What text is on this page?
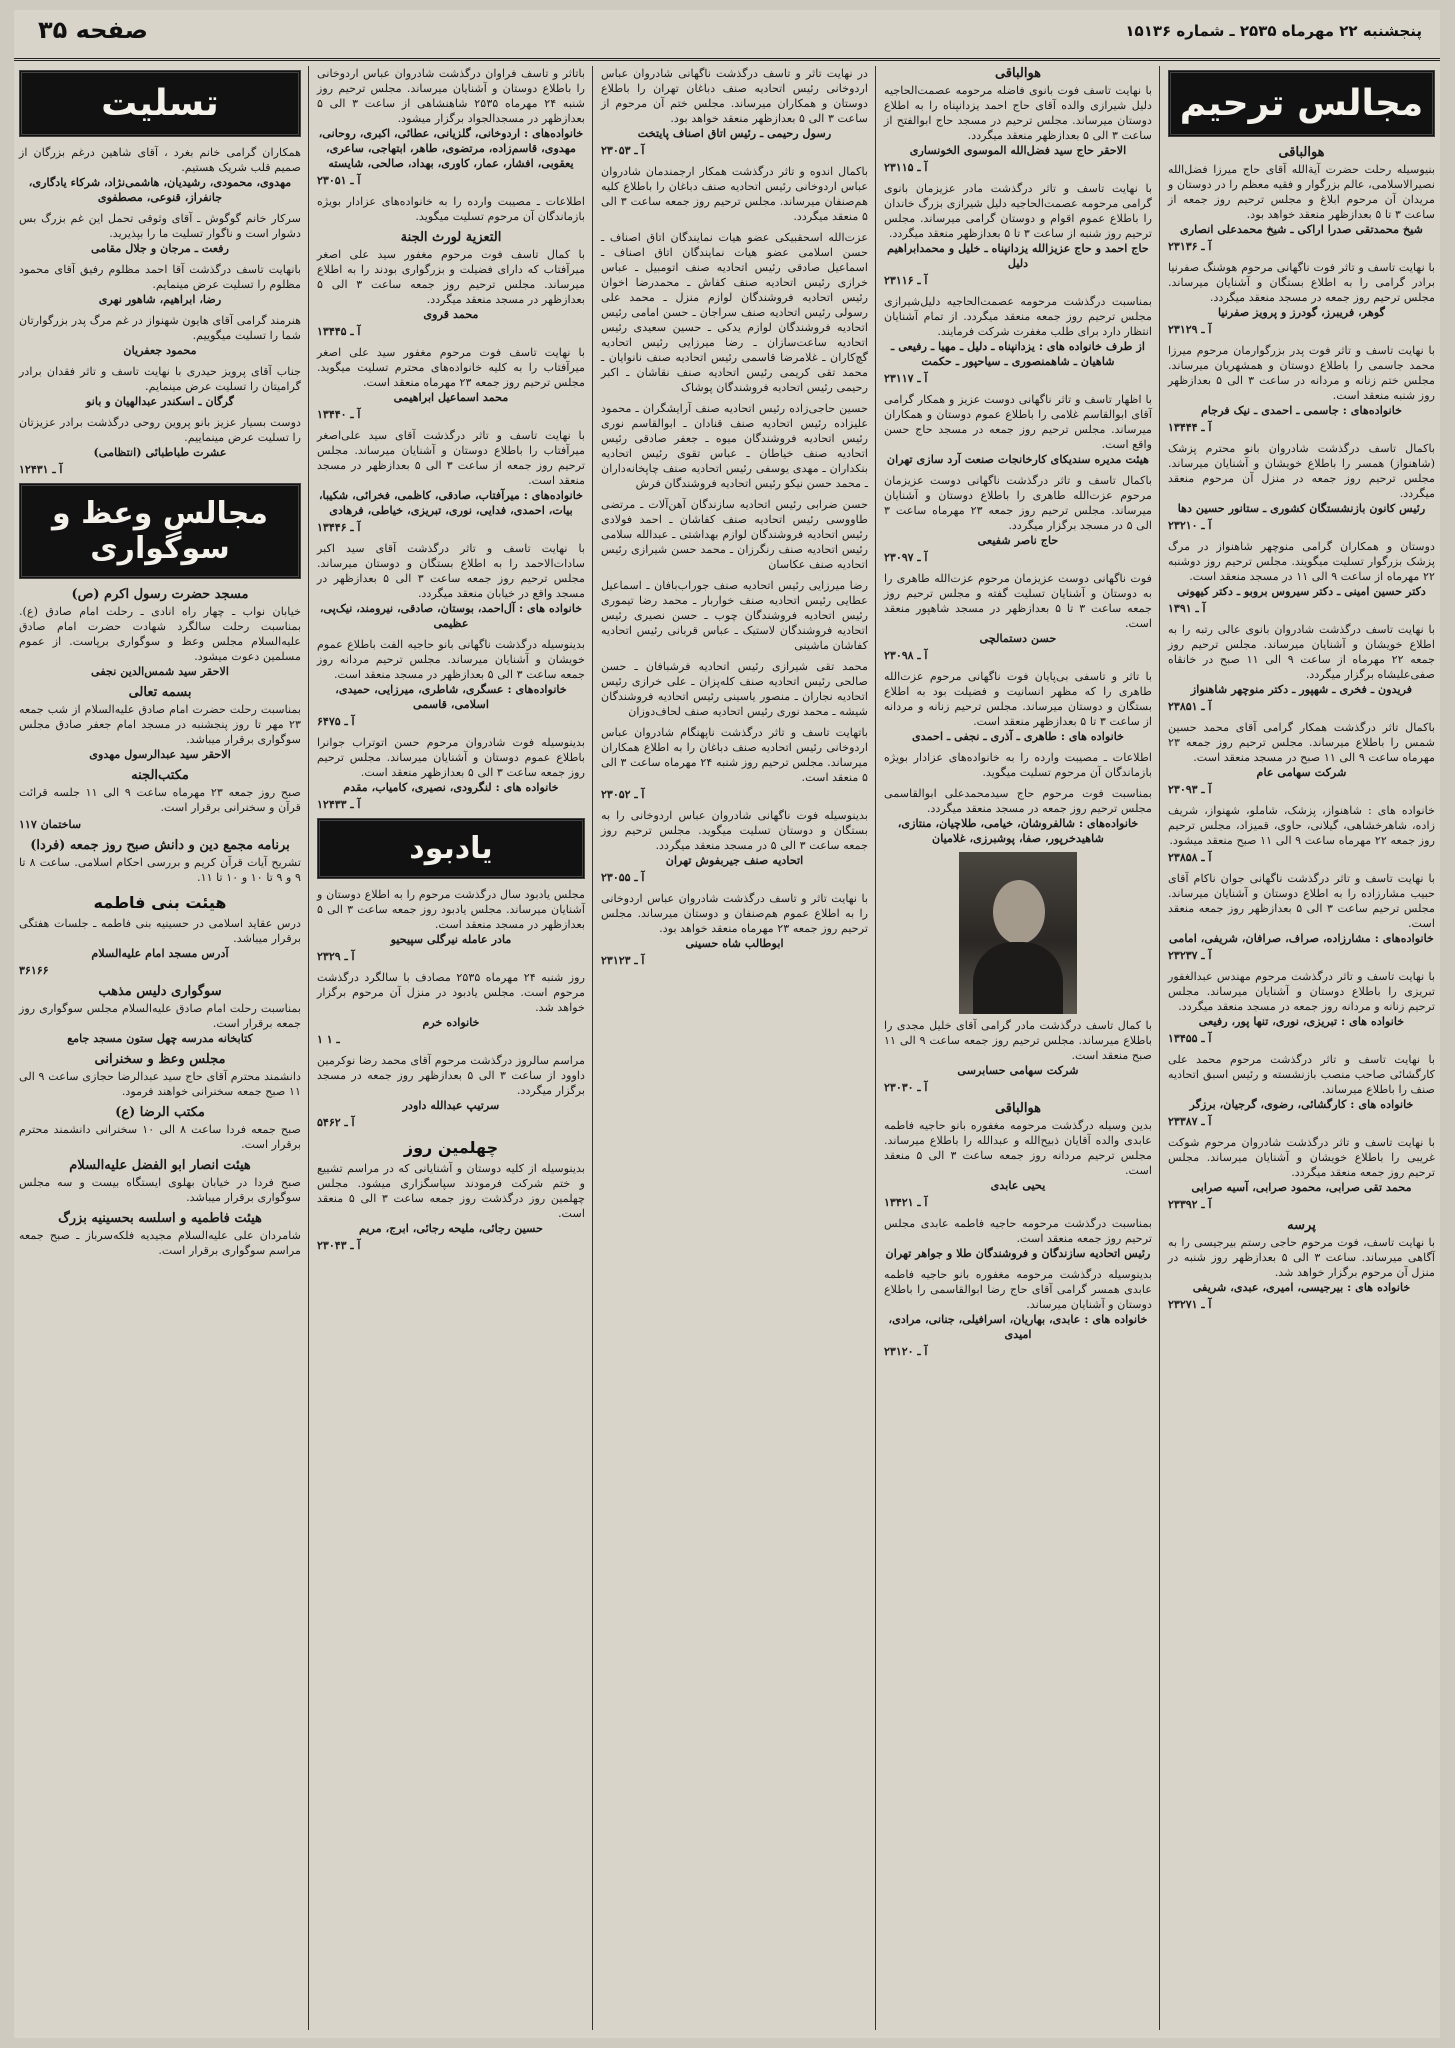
پنجشنبه ۲۲ مهرماه ۲۵۳۵ ـ شماره ۱۵۱۳۶
صفحه ۳۵
مجالس ترحیم
هوالباقی
بنیوسیله رحلت حضرت آیةالله آقای حاج میرزا فضل‌الله نصیرالاسلامی، عالم بزرگوار و فقیه معظم را در دوستان و مریدان آن مرحوم ابلاغ و مجلس ترحیم روز جمعه از ساعت ۳ تا ۵ بعدازظهر منعقد خواهد بود.
شیخ محمدتقی صدرا اراکی ـ شیخ محمدعلی انصاری
آ ـ ۲۳۱۳۶
با نهایت تاسف و تاثر فوت ناگهانی مرحوم هوشنگ صفرنیا برادر گرامی را به اطلاع بستگان و آشنایان میرساند. مجلس ترحیم روز جمعه در مسجد منعقد میگردد.
گوهر، فریبرز، گودرز و پرویز صفرنیا
آ ـ ۲۳۱۲۹
با نهایت تاسف و تاثر فوت پدر بزرگوارمان مرحوم میرزا محمد جاسمی را باطلاع دوستان و همشهریان میرساند. مجلس ختم زنانه و مردانه در ساعت ۳ الی ۵ بعدازظهر روز شنبه منعقد است.
خانواده‌های : جاسمی ـ احمدی ـ نیک فرجام
آ ـ ۱۳۴۴۴
باکمال تاسف درگذشت شادروان بانو محترم پزشک (شاهنواز) همسر را باطلاع خویشان و آشنایان میرساند. مجلس ترحیم روز جمعه در منزل آن مرحوم منعقد میگردد.
رئیس کانون بازنشستگان کشوری ـ ستانور حسین دها
آ ـ ۲۳۲۱۰
دوستان و همکاران گرامی منوچهر شاهنواز در مرگ پزشک بزرگوار تسلیت میگویند. مجلس ترحیم روز دوشنبه ۲۲ مهرماه از ساعت ۹ الی ۱۱ در مسجد منعقد است.
دکتر حسین امینی ـ دکتر سیروس بروبو ـ دکتر کیهونی
آ ـ ۱۳۹۱
با نهایت تاسف درگذشت شادروان بانوی عالی رتبه را به اطلاع خویشان و آشنایان میرساند. مجلس ترحیم روز جمعه ۲۲ مهرماه از ساعت ۹ الی ۱۱ صبح در خانقاه صفی‌علیشاه برگزار میگردد.
فریدون ـ فخری ـ شهپور ـ دکتر منوچهر شاهنواز
آ ـ ۲۳۸۵۱
باکمال تاثر درگذشت همکار گرامی آقای محمد حسین شمس را باطلاع میرساند. مجلس ترحیم روز جمعه ۲۳ مهرماه ساعت ۹ الی ۱۱ صبح در مسجد منعقد است.
شرکت سهامی عام
آ ـ ۲۳۰۹۳
خانواده های : شاهنواز، پزشک، شاملو، شهنواز، شریف زاده، شاهرخشاهی، گیلانی، حاوی، قمیزاد، مجلس ترحیم روز جمعه ۲۲ مهرماه ساعت ۹ الی ۱۱ صبح منعقد میشود.
آ ـ ۲۳۸۵۸
با نهایت تاسف و تاثر درگذشت ناگهانی جوان ناکام آقای حبیب مشارزاده را به اطلاع دوستان و آشنایان میرساند. مجلس ترحیم ساعت ۳ الی ۵ بعدازظهر روز جمعه منعقد است.
خانواده‌های : مشارزاده، صراف، صرافان، شریفی، امامی
آ ـ ۲۳۲۳۷
با نهایت تاسف و تاثر درگذشت مرحوم مهندس عبدالغفور تبریزی را باطلاع دوستان و آشنایان میرساند. مجلس ترحیم زنانه و مردانه روز جمعه در مسجد منعقد میگردد.
خانواده های : تبریزی، نوری، تنها پور، رفیعی
آ ـ ۱۳۴۵۵
با نهایت تاسف و تاثر درگذشت مرحوم محمد علی کارگشائی صاحب منصب بازنشسته و رئیس اسبق اتحادیه صنف را باطلاع میرساند.
خانواده های : کارگشائی، رضوی، گرجیان، برزگر
آ ـ ۲۳۳۸۷
با نهایت تاسف و تاثر درگذشت شادروان مرحوم شوکت غریبی را باطلاع خویشان و آشنایان میرساند. مجلس ترحیم روز جمعه منعقد میگردد.
محمد تقی صرابی، محمود صرابی، آسیه صرابی
آ ـ ۲۳۳۹۲
پرسه
با نهایت تاسف، فوت مرحوم حاجی رستم بیرجیسی را به آگاهی میرساند. ساعت ۳ الی ۵ بعدازظهر روز شنبه در منزل آن مرحوم برگزار خواهد شد.
خانواده های : بیرجیسی، امیری، عبدی، شریفی
آ ـ ۲۳۲۷۱
هوالباقی
با نهایت تاسف فوت بانوی فاضله مرحومه عصمت‌الحاجیه دلیل شیرازی والده آقای حاج احمد یزدانپناه را به اطلاع دوستان میرساند. مجلس ترحیم در مسجد حاج ابوالفتح از ساعت ۳ الی ۵ بعدازظهر منعقد میگردد.
الاحقر حاج سید فضل‌الله الموسوی الخونساری
آ ـ ۲۳۱۱۵
با نهایت تاسف و تاثر درگذشت مادر عزیزمان بانوی گرامی مرحومه عصمت‌الحاجیه دلیل شیرازی بزرگ خاندان را باطلاع عموم اقوام و دوستان گرامی میرساند. مجلس ترحیم روز شنبه از ساعت ۳ تا ۵ بعدازظهر منعقد میگردد.
حاج احمد و حاج عزیزالله یزدانپناه ـ خلیل و محمدابراهیم دلیل
آ ـ ۲۳۱۱۶
بمناسبت درگذشت مرحومه عصمت‌الحاجیه دلیل‌شیرازی مجلس ترحیم روز جمعه منعقد میگردد. از تمام آشنایان انتظار دارد برای طلب مغفرت شرکت فرمایند.
از طرف خانواده های : یزدانپناه ـ دلیل ـ مهیا ـ رفیعی ـ شاهیان ـ شاهمنصوری ـ سیاحپور ـ حکمت
آ ـ ۲۳۱۱۷
با اظهار تاسف و تاثر ناگهانی دوست عزیز و همکار گرامی آقای ابوالقاسم غلامی را باطلاع عموم دوستان و همکاران میرساند. مجلس ترحیم روز جمعه در مسجد حاج حسن واقع است.
هیئت مدیره سندیکای کارخانجات صنعت آرد سازی تهران
باکمال تاسف و تاثر درگذشت ناگهانی دوست عزیزمان مرحوم عزت‌الله طاهری را باطلاع دوستان و آشنایان میرساند. مجلس ترحیم روز جمعه ۲۳ مهرماه ساعت ۳ الی ۵ در مسجد برگزار میگردد.
حاج ناصر شفیعی
آ ـ ۲۳۰۹۷
فوت ناگهانی دوست عزیزمان مرحوم عزت‌الله طاهری را به دوستان و آشنایان تسلیت گفته و مجلس ترحیم روز جمعه ساعت ۳ تا ۵ بعدازظهر در مسجد شاهپور منعقد است.
حسن دستمالچی
آ ـ ۲۳۰۹۸
با تاثر و تاسفی بی‌پایان فوت ناگهانی مرحوم عزت‌الله طاهری را که مظهر انسانیت و فضیلت بود به اطلاع بستگان و دوستان میرساند. مجلس ترحیم زنانه و مردانه از ساعت ۳ تا ۵ بعدازظهر منعقد است.
خانواده های : طاهری ـ آذری ـ نجفی ـ احمدی
اطلاعات ـ مصیبت وارده را به خانواده‌های عزادار بویژه بازماندگان آن مرحوم تسلیت میگوید.
بمناسبت فوت مرحوم حاج سیدمحمدعلی ابوالقاسمی مجلس ترحیم روز جمعه در مسجد منعقد میگردد.
خانواده‌های : شالفروشان، خیامی، طلاچیان، منتازی، شاهیدخرپور، صفا، پوشبرزی، غلامیان
با کمال تاسف درگذشت مادر گرامی آقای خلیل مجدی را باطلاع میرساند. مجلس ترحیم روز جمعه ساعت ۹ الی ۱۱ صبح منعقد است.
شرکت سهامی حسابرسی
آ ـ ۲۳۰۳۰
هوالباقی
بدین وسیله درگذشت مرحومه مغفوره بانو حاجیه فاطمه عابدی والده آقایان ذبیح‌الله و عبدالله را باطلاع میرساند. مجلس ترحیم مردانه روز جمعه ساعت ۳ الی ۵ منعقد است.
یحیی عابدی
آ ـ ۱۳۴۲۱
بمناسبت درگذشت مرحومه حاجیه فاطمه عابدی مجلس ترحیم روز جمعه منعقد است.
رئیس اتحادیه سازندگان و فروشندگان طلا و جواهر تهران
بدینوسیله درگذشت مرحومه مغفوره بانو حاجیه فاطمه عابدی همسر گرامی آقای حاج رضا ابوالقاسمی را باطلاع دوستان و آشنایان میرساند.
خانواده های : عابدی، بهاریان، اسرافیلی، جنانی، مرادی، امیدی
آ ـ ۲۳۱۲۰
در نهایت تاثر و تاسف درگذشت ناگهانی شادروان عباس اردوخانی رئیس اتحادیه صنف دباغان تهران را باطلاع دوستان و همکاران میرساند. مجلس ختم آن مرحوم از ساعت ۳ الی ۵ بعدازظهر منعقد خواهد بود.
رسول رحیمی ـ رئیس اتاق اصناف پایتخت
آ ـ ۲۳۰۵۳
باکمال اندوه و تاثر درگذشت همکار ارجمندمان شادروان عباس اردوخانی رئیس اتحادیه صنف دباغان را باطلاع کلیه هم‌صنفان میرساند. مجلس ترحیم روز جمعه ساعت ۳ الی ۵ منعقد میگردد.
عزت‌الله اسحقبیکی عضو هیات نمایندگان اتاق اصناف ـ حسن اسلامی عضو هیات نمایندگان اتاق اصناف ـ اسماعیل صادقی رئیس اتحادیه صنف اتومبیل ـ عباس خرازی رئیس اتحادیه صنف کفاش ـ محمدرضا اخوان رئیس اتحادیه فروشندگان لوازم منزل ـ محمد علی رسولی رئیس اتحادیه صنف سراجان ـ حسن امامی رئیس اتحادیه فروشندگان لوازم یدکی ـ حسین سعیدی رئیس اتحادیه ساعت‌سازان ـ رضا میرزایی رئیس اتحادیه گچ‌کاران ـ غلامرضا قاسمی رئیس اتحادیه صنف نانوایان ـ محمد تقی کریمی رئیس اتحادیه صنف نقاشان ـ اکبر رحیمی رئیس اتحادیه فروشندگان پوشاک
حسین حاجی‌زاده رئیس اتحادیه صنف آرایشگران ـ محمود علیزاده رئیس اتحادیه صنف قنادان ـ ابوالقاسم نوری رئیس اتحادیه فروشندگان میوه ـ جعفر صادقی رئیس اتحادیه صنف خیاطان ـ عباس تقوی رئیس اتحادیه بنکداران ـ مهدی یوسفی رئیس اتحادیه صنف چاپخانه‌داران ـ محمد حسن نیکو رئیس اتحادیه فروشندگان فرش
حسن ضرابی رئیس اتحادیه سازندگان آهن‌آلات ـ مرتضی طاووسی رئیس اتحادیه صنف کفاشان ـ احمد فولادی رئیس اتحادیه فروشندگان لوازم بهداشتی ـ عبدالله سلامی رئیس اتحادیه صنف رنگرزان ـ محمد حسن شیرازی رئیس اتحادیه صنف عکاسان
رضا میرزایی رئیس اتحادیه صنف جوراب‌بافان ـ اسماعیل عطایی رئیس اتحادیه صنف خواربار ـ محمد رضا تیموری رئیس اتحادیه فروشندگان چوب ـ حسن نصیری رئیس اتحادیه فروشندگان لاستیک ـ عباس قربانی رئیس اتحادیه کفاشان ماشینی
محمد تقی شیرازی رئیس اتحادیه فرشبافان ـ حسن صالحی رئیس اتحادیه صنف کله‌پزان ـ علی خرازی رئیس اتحادیه نجاران ـ منصور یاسینی رئیس اتحادیه فروشندگان شیشه ـ محمد نوری رئیس اتحادیه صنف لحاف‌دوزان
باتهایت تاسف و تاثر درگذشت ناپهنگام شادروان عباس اردوخانی رئیس اتحادیه صنف دباغان را به اطلاع همکاران میرساند. مجلس ترحیم روز شنبه ۲۴ مهرماه ساعت ۳ الی ۵ منعقد است.
آ ـ ۲۳۰۵۲
بدینوسیله فوت ناگهانی شادروان عباس اردوخانی را به بستگان و دوستان تسلیت میگوید. مجلس ترحیم روز جمعه ساعت ۳ الی ۵ در مسجد منعقد میگردد.
اتحادیه صنف جیربفوش تهران
آ ـ ۲۳۰۵۵
با نهایت تاثر و تاسف درگذشت شادروان عباس اردوخانی را به اطلاع عموم هم‌صنفان و دوستان میرساند. مجلس ترحیم روز جمعه ۲۳ مهرماه منعقد خواهد بود.
ابوطالب شاه حسینی
آ ـ ۲۳۱۲۳
باتاثر و تاسف فراوان درگذشت شادروان عباس اردوخانی را باطلاع دوستان و آشنایان میرساند. مجلس ترحیم روز شنبه ۲۴ مهرماه ۲۵۳۵ شاهنشاهی از ساعت ۳ الی ۵ بعدازظهر در مسجدالجواد برگزار میشود.
خانواده‌های : اردوخانی، گلزیانی، عطائی، اکبری، روحانی، مهدوی، قاسم‌زاده، مرتضوی، طاهر، ابتهاجی، ساعری، یعقوبی، افشار، عمار، کاوری، بهداد، صالحی، شایسته
آ ـ ۲۳۰۵۱
اطلاعات ـ مصیبت وارده را به خانواده‌های عزادار بویژه بازماندگان آن مرحوم تسلیت میگوید.
التعزیة لورث الجنة
با کمال تاسف فوت مرحوم مغفور سید علی اصغر میرآفتاب که دارای فضیلت و بزرگواری بودند را به اطلاع میرساند. مجلس ترحیم روز جمعه ساعت ۳ الی ۵ بعدازظهر در مسجد منعقد میگردد.
محمد قروی
آ ـ ۱۳۴۴۵
با نهایت تاسف فوت مرحوم مغفور سید علی اصغر میرآفتاب را به کلیه خانواده‌های محترم تسلیت میگوید. مجلس ترحیم روز جمعه ۲۳ مهرماه منعقد است.
محمد اسماعیل ابراهیمی
آ ـ ۱۳۴۴۰
با نهایت تاسف و تاثر درگذشت آقای سید علی‌اصغر میرآفتاب را باطلاع دوستان و آشنایان میرساند. مجلس ترحیم روز جمعه از ساعت ۳ الی ۵ بعدازظهر در مسجد منعقد است.
خانواده‌های : میرآفتاب، صادقی، کاظمی، فخرائی، شکیبا، بیات، احمدی، فدایی، نوری، تبریزی، خیاطی، فرهادی
آ ـ ۱۳۴۴۶
با نهایت تاسف و تاثر درگذشت آقای سید اکبر سادات‌الاحمد را به اطلاع بستگان و دوستان میرساند. مجلس ترحیم روز جمعه ساعت ۳ الی ۵ بعدازظهر در مسجد واقع در خیابان منعقد میگردد.
خانواده های : آل‌احمد، بوستان، صادقی، نیرومند، نیک‌پی، عظیمی
بدینوسیله درگذشت ناگهانی بانو حاجیه الفت باطلاع عموم خویشان و آشنایان میرساند. مجلس ترحیم مردانه روز جمعه ساعت ۳ الی ۵ بعدازظهر در مسجد منعقد است.
خانواده‌های : عسگری، شاطری، میرزایی، حمیدی، اسلامی، قاسمی
آ ـ ۶۴۷۵
بدینوسیله فوت شادروان مرحوم حسن اتوتراب جوانرا باطلاع عموم دوستان و آشنایان میرساند. مجلس ترحیم روز جمعه ساعت ۳ الی ۵ بعدازظهر منعقد است.
خانواده های : لنگرودی، نصیری، کامیاب، مقدم
آ ـ ۱۲۴۳۳
یادبود
مجلس یادبود سال درگذشت مرحوم را به اطلاع دوستان و آشنایان میرساند. مجلس یادبود روز جمعه ساعت ۳ الی ۵ بعدازظهر در مسجد منعقد است.
مادر عامله نیرگلی سپیحیو
آ ـ ۲۳۲۹
روز شنبه ۲۴ مهرماه ۲۵۳۵ مصادف با سالگرد درگذشت مرحوم است. مجلس یادبود در منزل آن مرحوم برگزار خواهد شد.
خانواده خرم
۱ ـ ۱
مراسم سالروز درگذشت مرحوم آقای محمد رضا نوکرمین داوود از ساعت ۳ الی ۵ بعدازظهر روز جمعه در مسجد برگزار میگردد.
سرتیپ عبدالله داودر
آ ـ ۵۴۶۲
چهلمین روز
بدینوسیله از کلیه دوستان و آشنایانی که در مراسم تشییع و ختم شرکت فرمودند سپاسگزاری میشود. مجلس چهلمین روز درگذشت روز جمعه ساعت ۳ الی ۵ منعقد است.
حسین رجائی، ملیحه رجائی، ابرج، مریم
آ ـ ۲۳۰۴۳
تسلیت
همکاران گرامی خانم بغرد ، آقای شاهین درغم بزرگان از صمیم قلب شریک هستیم.
مهدوی، محمودی، رشیدیان، هاشمی‌نژاد، شرکاء یادگاری، جانفراز، قنوعی، مصطفوی
سرکار خانم گوگوش ـ آقای وثوقی تحمل این غم بزرگ بس دشوار است و ناگوار تسلیت ما را بپذیرید.
رفعت ـ مرجان و جلال مقامی
بانهایت تاسف درگذشت آقا احمد مظلوم رفیق آقای محمود مظلوم را تسلیت عرض مینمایم.
رضا، ابراهیم، شاهور نهری
هنرمند گرامی آقای هایون شهنواز در غم مرگ پدر بزرگوارتان شما را تسلیت میگوییم.
محمود جعفریان
جناب آقای پرویز حیدری با نهایت تاسف و تاثر فقدان برادر گرامیتان را تسلیت عرض مینمایم.
گرگان ـ اسکندر عبدالهیان و بانو
دوست بسیار عزیز بانو پروین روحی درگذشت برادر عزیزتان را تسلیت عرض مینماییم.
عشرت طباطبائی (انتظامی)
آ ـ ۱۲۴۳۱
مجالس وعظ و سوگواری
مسجد حضرت رسول اکرم (ص)
خیابان نواب ـ چهار راه انادی ـ رحلت امام صادق (ع). بمناسبت رحلت سالگرد شهادت حضرت امام صادق علیه‌السلام مجلس وعظ و سوگواری برپاست. از عموم مسلمین دعوت میشود.
الاحقر سید شمس‌الدین نجفی
بسمه تعالی
بمناسبت رحلت حضرت امام صادق علیه‌السلام از شب جمعه ۲۳ مهر تا روز پنجشنبه در مسجد امام جعفر صادق مجلس سوگواری برقرار میباشد.
الاحقر سید عبدالرسول مهدوی
مکتب‌الجنه
صبح روز جمعه ۲۳ مهرماه ساعت ۹ الی ۱۱ جلسه قرائت قرآن و سخنرانی برقرار است.
ساختمان ۱۱۷
برنامه مجمع دین و دانش صبح روز جمعه (فردا)
تشریح آیات قرآن کریم و بررسی احکام اسلامی. ساعت ۸ تا ۹ و ۹ تا ۱۰ و ۱۰ تا ۱۱.
هیئت بنی فاطمه
درس عقاید اسلامی در حسینیه بنی فاطمه ـ جلسات هفتگی برقرار میباشد.
آدرس مسجد امام علیه‌السلام
۳۶۱۶۶
سوگواری دلیس مذهب
بمناسبت رحلت امام صادق علیه‌السلام مجلس سوگواری روز جمعه برقرار است.
کتابخانه مدرسه چهل ستون مسجد جامع
مجلس وعظ و سخنرانی
دانشمند محترم آقای حاج سید عبدالرضا حجازی ساعت ۹ الی ۱۱ صبح جمعه سخنرانی خواهند فرمود.
مکتب الرضا (ع)
صبح جمعه فردا ساعت ۸ الی ۱۰ سخنرانی دانشمند محترم برقرار است.
هیئت انصار ابو الفضل علیه‌السلام
صبح فردا در خیابان بهلوی ایستگاه بیست و سه مجلس سوگواری برقرار میباشد.
هیئت فاطمیه و اسلسه بحسینیه بزرگ
شامردان علی علیه‌السلام مجیدیه فلکه‌سرباز ـ صبح جمعه مراسم سوگواری برقرار است.
